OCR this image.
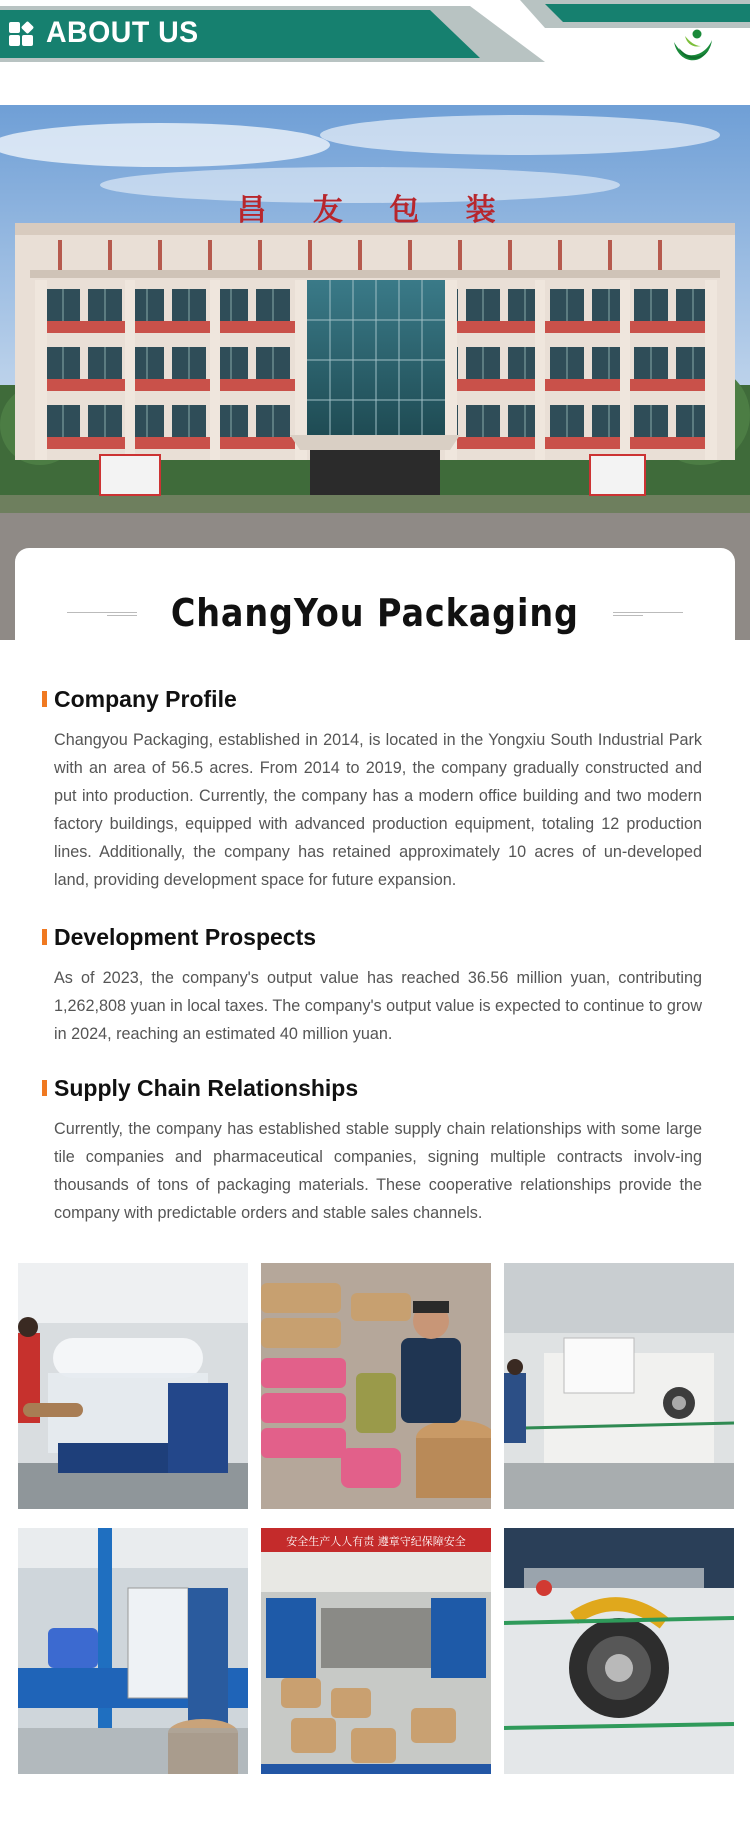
ABOUT US
昌 友 包 装
ChangYou Packaging
Company Profile
Changyou Packaging, established in 2014, is located in the Yongxiu South Industrial Park with an area of 56.5 acres. From 2014 to 2019, the company gradually constructed and put into production. Currently, the company has a modern office building and two modern factory buildings, equipped with advanced production equipment, totaling 12 production lines. Additionally, the company has retained approximately 10 acres of un-developed land, providing development space for future expansion.
Development Prospects
As of 2023, the company's output value has reached 36.56 million yuan, contributing 1,262,808 yuan in local taxes. The company's output value is expected to continue to grow in 2024, reaching an estimated 40 million yuan.
Supply Chain Relationships
Currently, the company has established stable supply chain relationships with some large tile companies and pharmaceutical companies, signing multiple contracts involv-ing thousands of tons of packaging materials. These cooperative relationships provide the company with predictable orders and stable sales channels.
安全生产人人有责 遵章守纪保障安全
